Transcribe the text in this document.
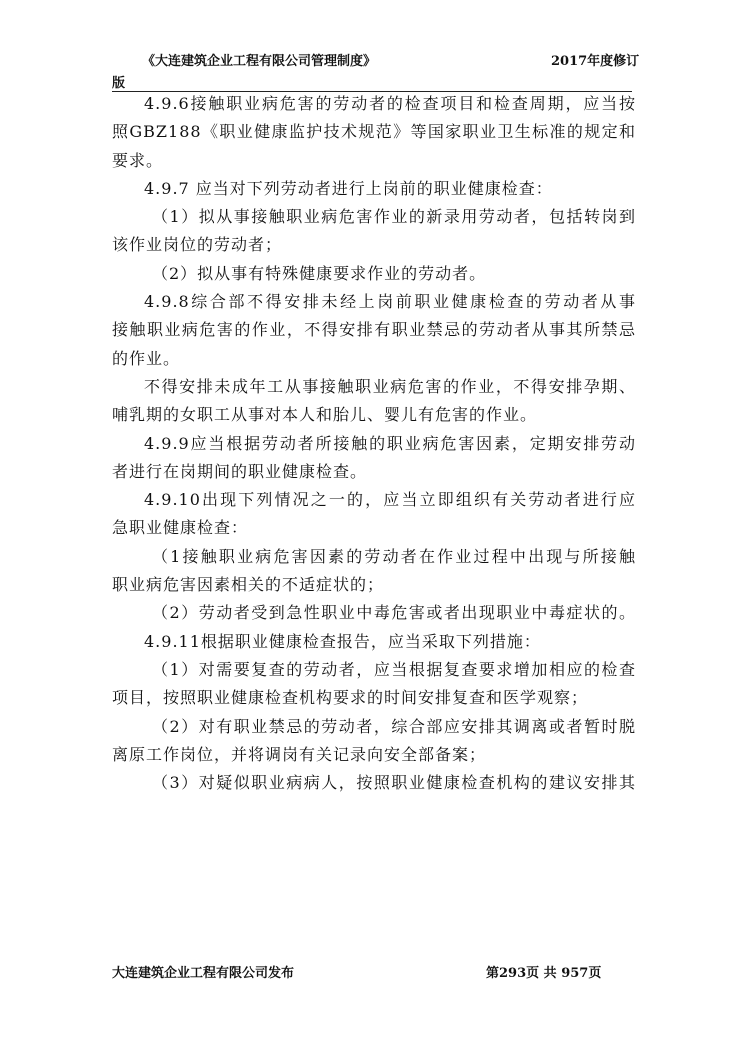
《大连建筑企业工程有限公司管理制度》	2017年度修订
版
4.9.6接触职业病危害的劳动者的检查项目和检查周期，应当按
照GBZ188《职业健康监护技术规范》等国家职业卫生标准的规定和
要求。
4.9.7 应当对下列劳动者进行上岗前的职业健康检查：
（1）拟从事接触职业病危害作业的新录用劳动者，包括转岗到
该作业岗位的劳动者；
（2）拟从事有特殊健康要求作业的劳动者。
4.9.8综合部不得安排未经上岗前职业健康检查的劳动者从事
接触职业病危害的作业，不得安排有职业禁忌的劳动者从事其所禁忌
的作业。
不得安排未成年工从事接触职业病危害的作业，不得安排孕期、
哺乳期的女职工从事对本人和胎儿、婴儿有危害的作业。
4.9.9应当根据劳动者所接触的职业病危害因素，定期安排劳动
者进行在岗期间的职业健康检查。
4.9.10出现下列情况之一的，应当立即组织有关劳动者进行应
急职业健康检查：
（1接触职业病危害因素的劳动者在作业过程中出现与所接触
职业病危害因素相关的不适症状的；
（2）劳动者受到急性职业中毒危害或者出现职业中毒症状的。
4.9.11根据职业健康检查报告，应当采取下列措施：
（1）对需要复查的劳动者，应当根据复查要求增加相应的检查
项目，按照职业健康检查机构要求的时间安排复查和医学观察；
（2）对有职业禁忌的劳动者，综合部应安排其调离或者暂时脱
离原工作岗位，并将调岗有关记录向安全部备案；
（3）对疑似职业病病人，按照职业健康检查机构的建议安排其
大连建筑企业工程有限公司发布	第293页 共 957页
